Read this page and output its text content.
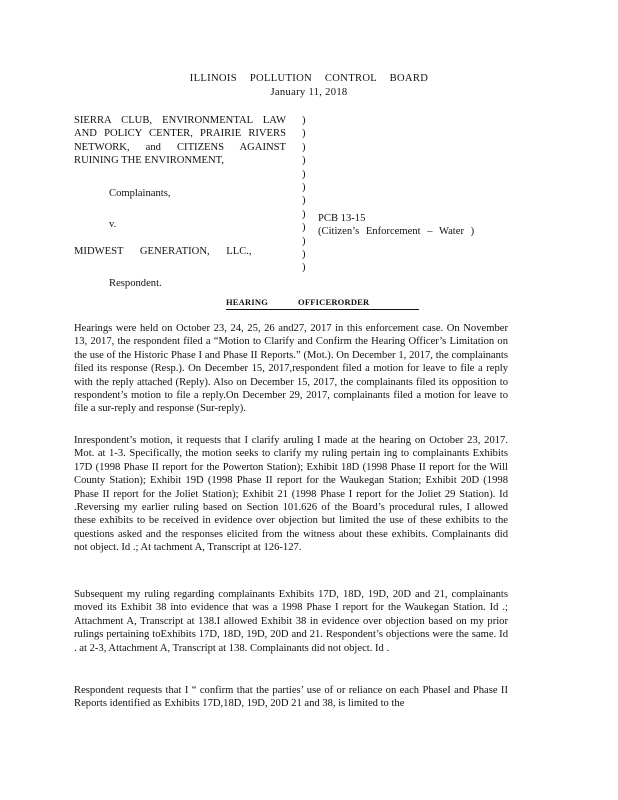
ILLINOIS POLLUTION CONTROL BOARD
January 11, 2018
SIERRA CLUB, ENVIRONMENTAL LAW
AND POLICY CENTER, PRAIRIE RIVERS
NETWORK, and CITIZENS AGAINST
RUINING THE ENVIRONMENT,
Complainants,
v.
MIDWEST GENERATION, LLC.,
Respondent.
)
)
)
)
)
)
)
)
)
)
)
)
PCB 13-15
(Citizen’s Enforcement – Water )
HEARING	OFFICERORDER
Hearings were held on October 23, 24, 25, 26 and27, 2017 in this enforcement case. On November 13, 2017, the respondent filed a “Motion to Clarify and Confirm the Hearing Officer’s Limitation on the use of the Historic Phase I and Phase II Reports.” (Mot.). On December 1, 2017, the complainants filed its response (Resp.). On December 15, 2017,respondent filed a motion for leave to file a reply with the reply attached (Reply). Also on December 15, 2017, the complainants filed its opposition to respondent’s motion to file a reply.On December 29, 2017, complainants filed a motion for leave to file a sur-reply and response (Sur-reply).
Inrespondent’s motion, it requests that I clarify aruling I made at the hearing on October 23, 2017. Mot. at 1-3. Specifically, the motion seeks to clarify my ruling pertain ing to complainants Exhibits 17D (1998 Phase II report for the Powerton Station); Exhibit 18D (1998 Phase II report for the Will County Station); Exhibit 19D (1998 Phase II report for the Waukegan Station; Exhibit 20D (1998 Phase II report for the Joliet Station); Exhibit 21 (1998 Phase I report for the Joliet 29 Station). Id .Reversing my earlier ruling based on Section 101.626 of the Board’s procedural rules, I allowed these exhibits to be received in evidence over objection but limited the use of these exhibits to the questions asked and the responses elicited from the witness about these exhibits. Complainants did not object. Id .; At tachment A, Transcript at 126-127.
Subsequent my ruling regarding complainants Exhibits 17D, 18D, 19D, 20D and 21, complainants moved its Exhibit 38 into evidence that was a 1998 Phase I report for the Waukegan Station. Id .; Attachment A, Transcript at 138.I allowed Exhibit 38 in evidence over objection based on my prior rulings pertaining toExhibits 17D, 18D, 19D, 20D and 21. Respondent’s objections were the same. Id . at 2-3, Attachment A, Transcript at 138. Complainants did not object. Id .
Respondent requests that I “ confirm that the parties’ use of or reliance on each PhaseI and Phase II Reports identified as Exhibits 17D,18D, 19D, 20D 21 and 38, is limited to the
